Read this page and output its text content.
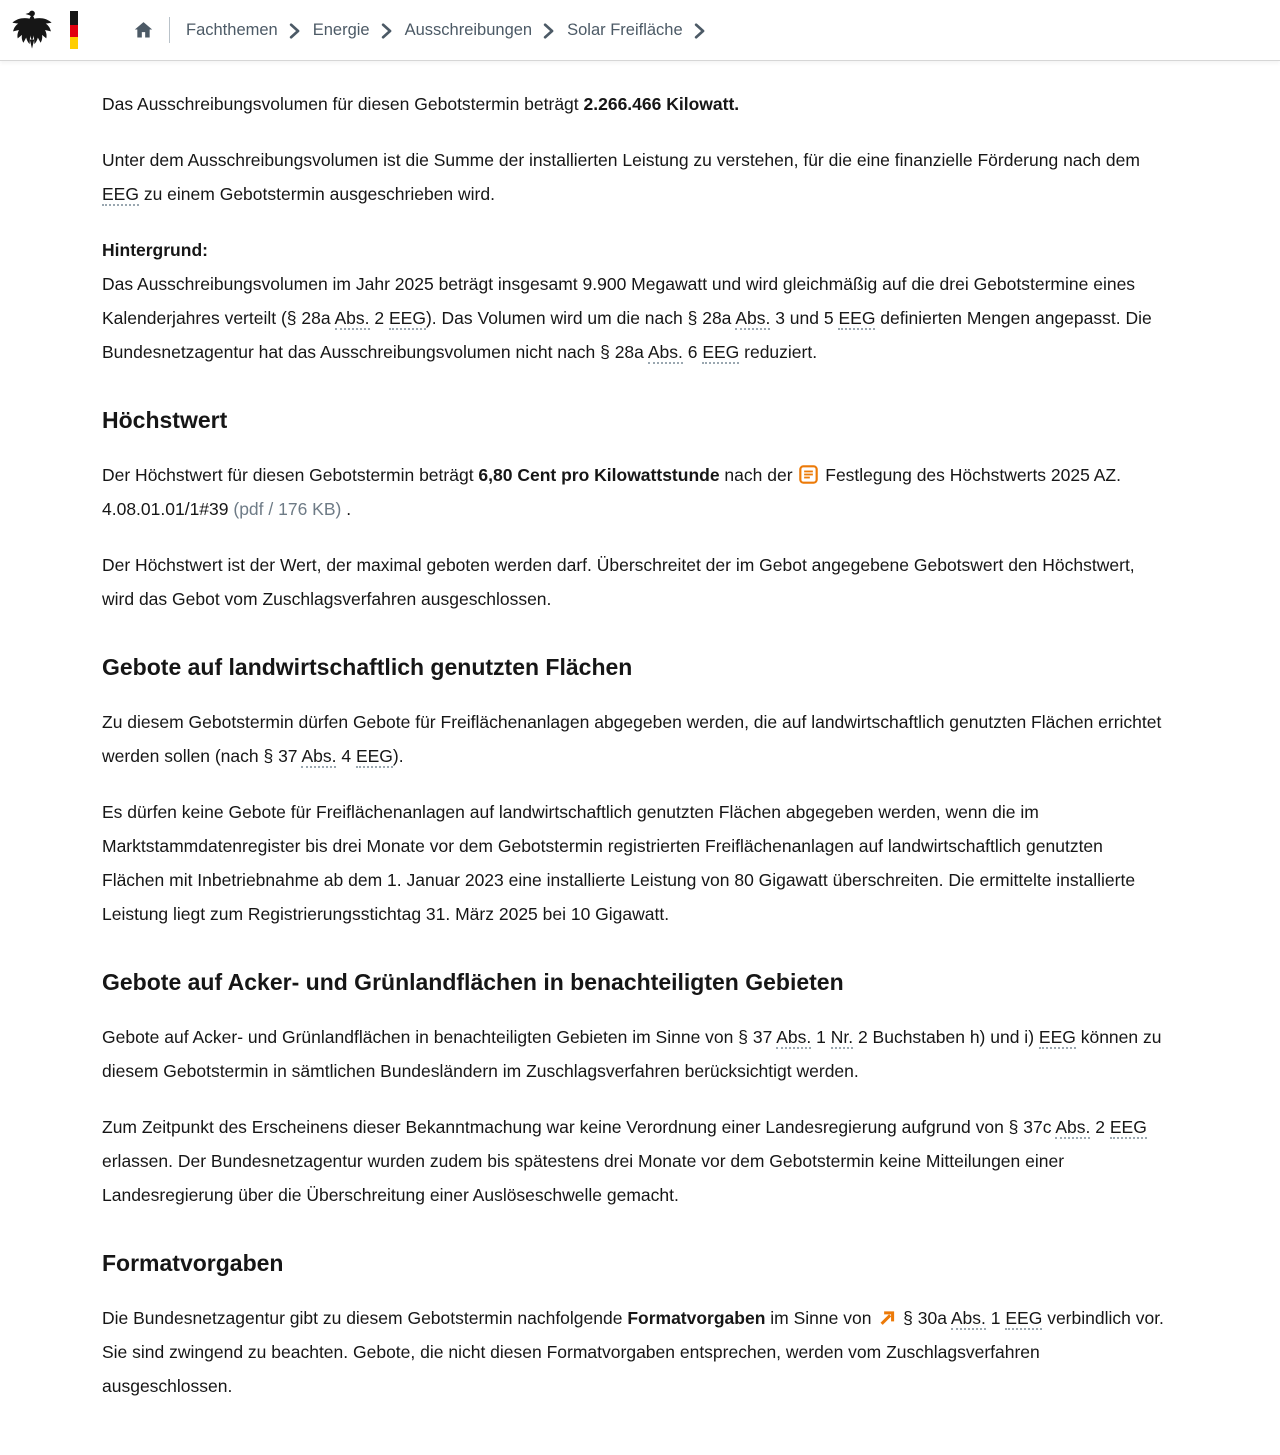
Fachthemen Energie Ausschreibungen Solar Freifläche

Das Ausschreibungsvolumen für diesen Gebotstermin beträgt 2.266.466 Kilowatt.

Unter dem Ausschreibungsvolumen ist die Summe der installierten Leistung zu verstehen, für die eine finanzielle Förderung nach dem EEG zu einem Gebotstermin ausgeschrieben wird.

Hintergrund:
Das Ausschreibungsvolumen im Jahr 2025 beträgt insgesamt 9.900 Megawatt und wird gleichmäßig auf die drei Gebotstermine eines Kalenderjahres verteilt (§ 28a Abs. 2 EEG). Das Volumen wird um die nach § 28a Abs. 3 und 5 EEG definierten Mengen angepasst. Die Bundesnetzagentur hat das Ausschreibungsvolumen nicht nach § 28a Abs. 6 EEG reduziert.

Höchstwert

Der Höchstwert für diesen Gebotstermin beträgt 6,80 Cent pro Kilowattstunde nach der
Festlegung des Höchstwerts 2025 AZ. 4.08.01.01/1#39 (pdf / 176 KB) .

Der Höchstwert ist der Wert, der maximal geboten werden darf. Überschreitet der im Gebot angegebene Gebotswert den Höchstwert, wird das Gebot vom Zuschlagsverfahren ausgeschlossen.

Gebote auf landwirtschaftlich genutzten Flächen

Zu diesem Gebotstermin dürfen Gebote für Freiflächenanlagen abgegeben werden, die auf landwirtschaftlich genutzten Flächen errichtet werden sollen (nach § 37 Abs. 4 EEG).

Es dürfen keine Gebote für Freiflächenanlagen auf landwirtschaftlich genutzten Flächen abgegeben werden, wenn die im Marktstammdatenregister bis drei Monate vor dem Gebotstermin registrierten Freiflächenanlagen auf landwirtschaftlich genutzten Flächen mit Inbetriebnahme ab dem 1. Januar 2023 eine installierte Leistung von 80 Gigawatt überschreiten. Die ermittelte installierte Leistung liegt zum Registrierungsstichtag 31. März 2025 bei 10 Gigawatt.

Gebote auf Acker- und Grünlandflächen in benachteiligten Gebieten

Gebote auf Acker- und Grünlandflächen in benachteiligten Gebieten im Sinne von § 37 Abs. 1 Nr. 2 Buchstaben h) und i) EEG können zu diesem Gebotstermin in sämtlichen Bundesländern im Zuschlagsverfahren berücksichtigt werden.

Zum Zeitpunkt des Erscheinens dieser Bekanntmachung war keine Verordnung einer Landesregierung aufgrund von § 37c Abs. 2 EEG erlassen. Der Bundesnetzagentur wurden zudem bis spätestens drei Monate vor dem Gebotstermin keine Mitteilungen einer Landesregierung über die Überschreitung einer Auslöseschwelle gemacht.

Formatvorgaben

Die Bundesnetzagentur gibt zu diesem Gebotstermin nachfolgende Formatvorgaben im Sinne von
§ 30a Abs. 1 EEG verbindlich vor. Sie sind zwingend zu beachten. Gebote, die nicht diesen Formatvorgaben entsprechen, werden vom Zuschlagsverfahren ausgeschlossen.
